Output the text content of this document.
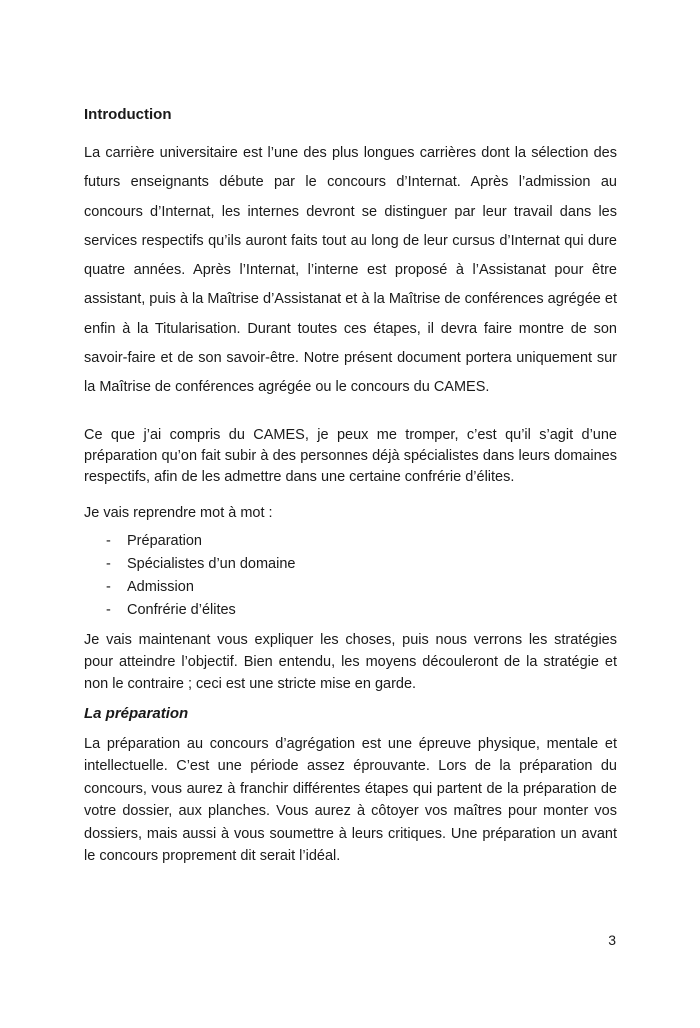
Introduction

La carrière universitaire est l’une des plus longues carrières dont la sélection des futurs enseignants débute par le concours d’Internat. Après l’admission au concours d’Internat, les internes devront se distinguer par leur travail dans les services respectifs qu’ils auront faits tout au long de leur cursus d’Internat qui dure quatre années. Après l’Internat, l’interne est proposé à l’Assistanat pour être assistant, puis à la Maîtrise d’Assistanat et à la Maîtrise de conférences agrégée et enfin à la Titularisation. Durant toutes ces étapes, il devra faire montre de son savoir-faire et de son savoir-être. Notre présent document portera uniquement sur la Maîtrise de conférences agrégée ou le concours du CAMES.

Ce que j’ai compris du CAMES, je peux me tromper, c’est qu’il s’agit d’une préparation qu’on fait subir à des personnes déjà spécialistes dans leurs domaines respectifs, afin de les admettre dans une certaine confrérie d’élites.

Je vais reprendre mot à mot :

-	Préparation
-	Spécialistes d’un domaine
-	Admission
-	Confrérie d’élites

Je vais maintenant vous expliquer les choses, puis nous verrons les stratégies pour atteindre l’objectif. Bien entendu, les moyens découleront de la stratégie et non le contraire ; ceci est une stricte mise en garde.

La préparation

La préparation au concours d’agrégation est une épreuve physique, mentale et intellectuelle. C’est une période assez éprouvante. Lors de la préparation du concours, vous aurez à franchir différentes étapes qui partent de la préparation de votre dossier, aux planches. Vous aurez à côtoyer vos maîtres pour monter vos dossiers, mais aussi à vous soumettre à leurs critiques. Une préparation un avant le concours proprement dit serait l’idéal.

3
